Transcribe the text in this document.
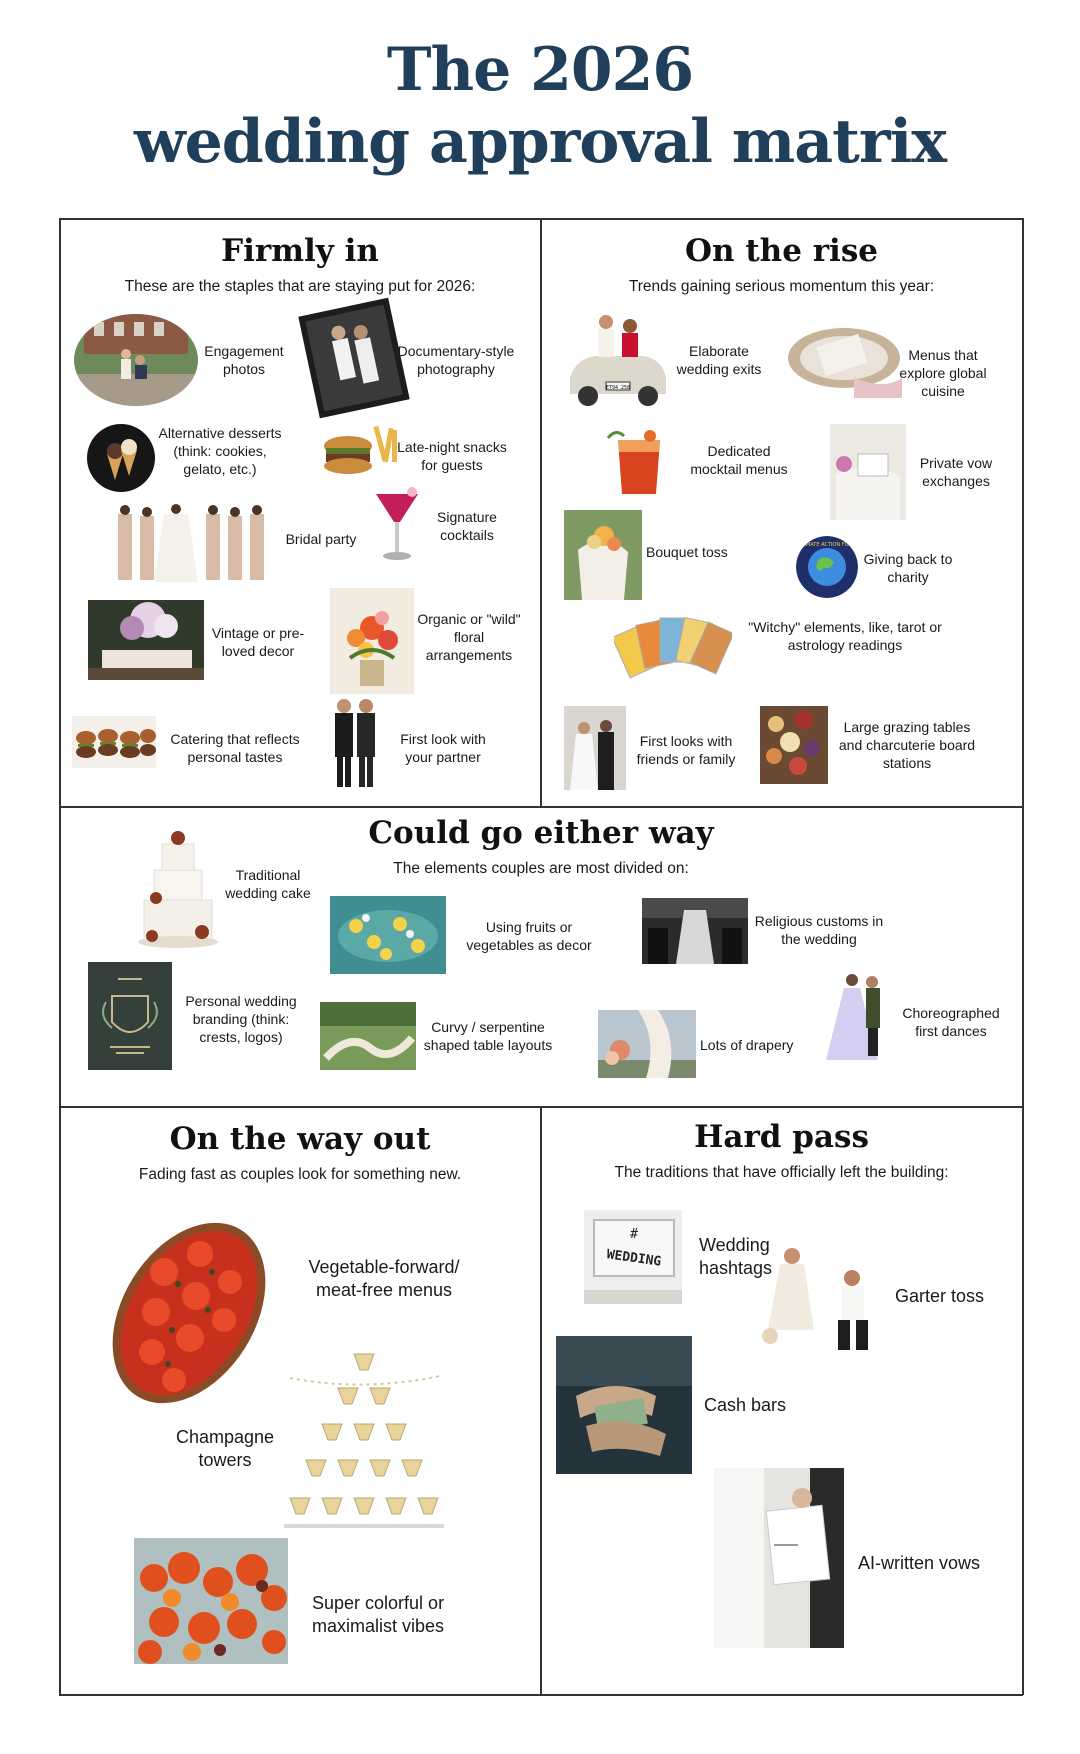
The 2026
wedding approval matrix
Firmly in
These are the staples that are staying put for 2026:
Engagement photos
Documentary-style photography
Alternative desserts (think: cookies, gelato, etc.)
Late-night snacks for guests
Signature cocktails
Bridal party
Vintage or pre-loved decor
Organic or "wild" floral arrangements
Catering that reflects personal tastes
First look with your partner
On the rise
Trends gaining serious momentum this year:
ЕТ94 258
Elaborate wedding exits
Menus that explore global cuisine
Dedicated mocktail menus	Private vow exchanges
Bouquet toss	CLIMATE ACTION FUND
Giving back to charity
"Witchy" elements, like, tarot or astrology readings
First looks with friends or family
Large grazing tables and charcuterie board stations
Could go either way
The elements couples are most divided on:
Traditional wedding cake
Using fruits or vegetables as decor
Religious customs in the wedding
Personal wedding branding (think: crests, logos)
Curvy / serpentine shaped table layouts	Lots of drapery
Choreographed first dances
On the way out
Fading fast as couples look for something new.
Vegetable-forward/ meat-free menus
Champagne towers
Super colorful or maximalist vibes
Hard pass
The traditions that have officially left the building:
#
WEDDING
Wedding hashtags
Garter toss
Cash bars
AI-written vows
